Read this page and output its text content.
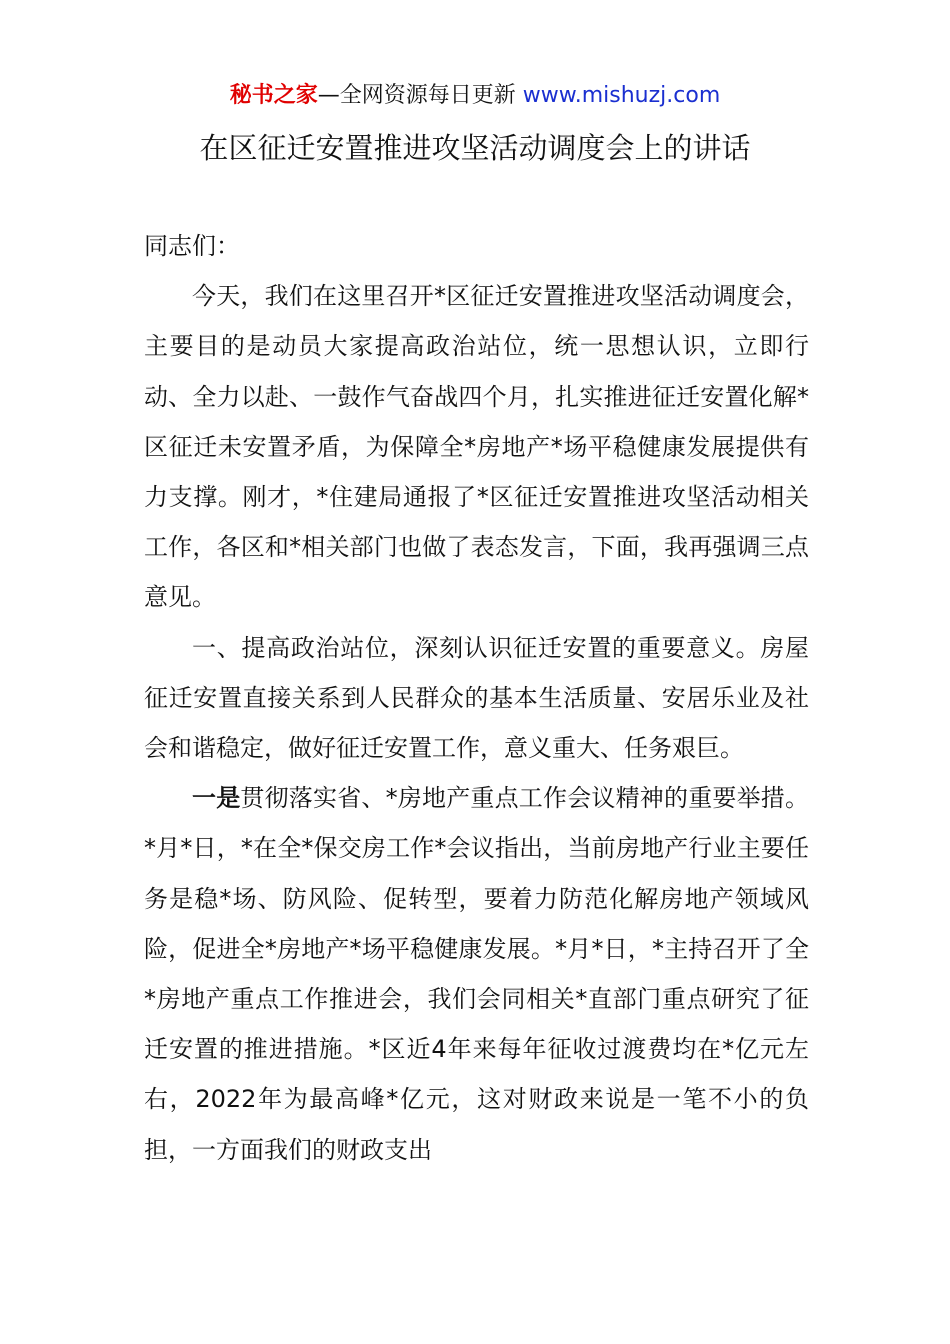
秘书之家—全网资源每日更新 www.mishuzj.com
在区征迁安置推进攻坚活动调度会上的讲话

同志们：

今天，我们在这里召开*区征迁安置推进攻坚活动调度会，主要目的是动员大家提高政治站位，统一思想认识，立即行动、全力以赴、一鼓作气奋战四个月，扎实推进征迁安置化解*区征迁未安置矛盾，为保障全*房地产*场平稳健康发展提供有力支撑。刚才，*住建局通报了*区征迁安置推进攻坚活动相关工作，各区和*相关部门也做了表态发言，下面，我再强调三点意见。

一、提高政治站位，深刻认识征迁安置的重要意义。房屋征迁安置直接关系到人民群众的基本生活质量、安居乐业及社会和谐稳定，做好征迁安置工作，意义重大、任务艰巨。

一是贯彻落实省、*房地产重点工作会议精神的重要举措。*月*日，*在全*保交房工作*会议指出，当前房地产行业主要任务是稳*场、防风险、促转型，要着力防范化解房地产领域风险，促进全*房地产*场平稳健康发展。*月*日，*主持召开了全*房地产重点工作推进会，我们会同相关*直部门重点研究了征迁安置的推进措施。*区近4年来每年征收过渡费均在*亿元左右，2022年为最高峰*亿元，这对财政来说是一笔不小的负担，一方面我们的财政支出
